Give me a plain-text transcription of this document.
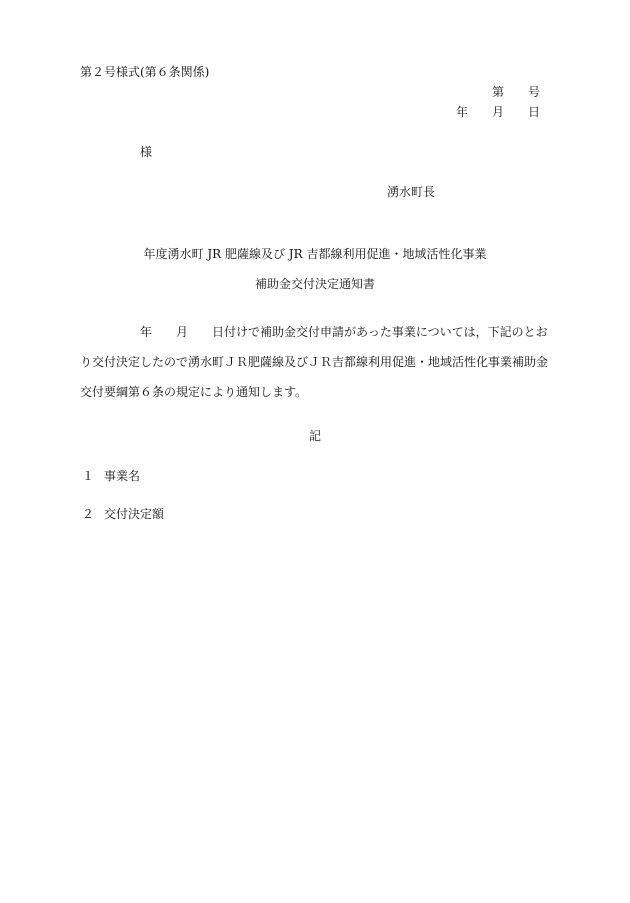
第２号様式(第６条関係)
第　　号
年　　月　　日
様
湧水町長
年度湧水町 JR 肥薩線及び JR 吉都線利用促進・地域活性化事業
補助金交付決定通知書
年　　月　　日付けで補助金交付申請があった事業については，下記のとお
り交付決定したので湧水町ＪＲ肥薩線及びＪＲ吉都線利用促進・地域活性化事業補助金
交付要綱第６条の規定により通知します。
記
１ 事業名
２ 交付決定額
